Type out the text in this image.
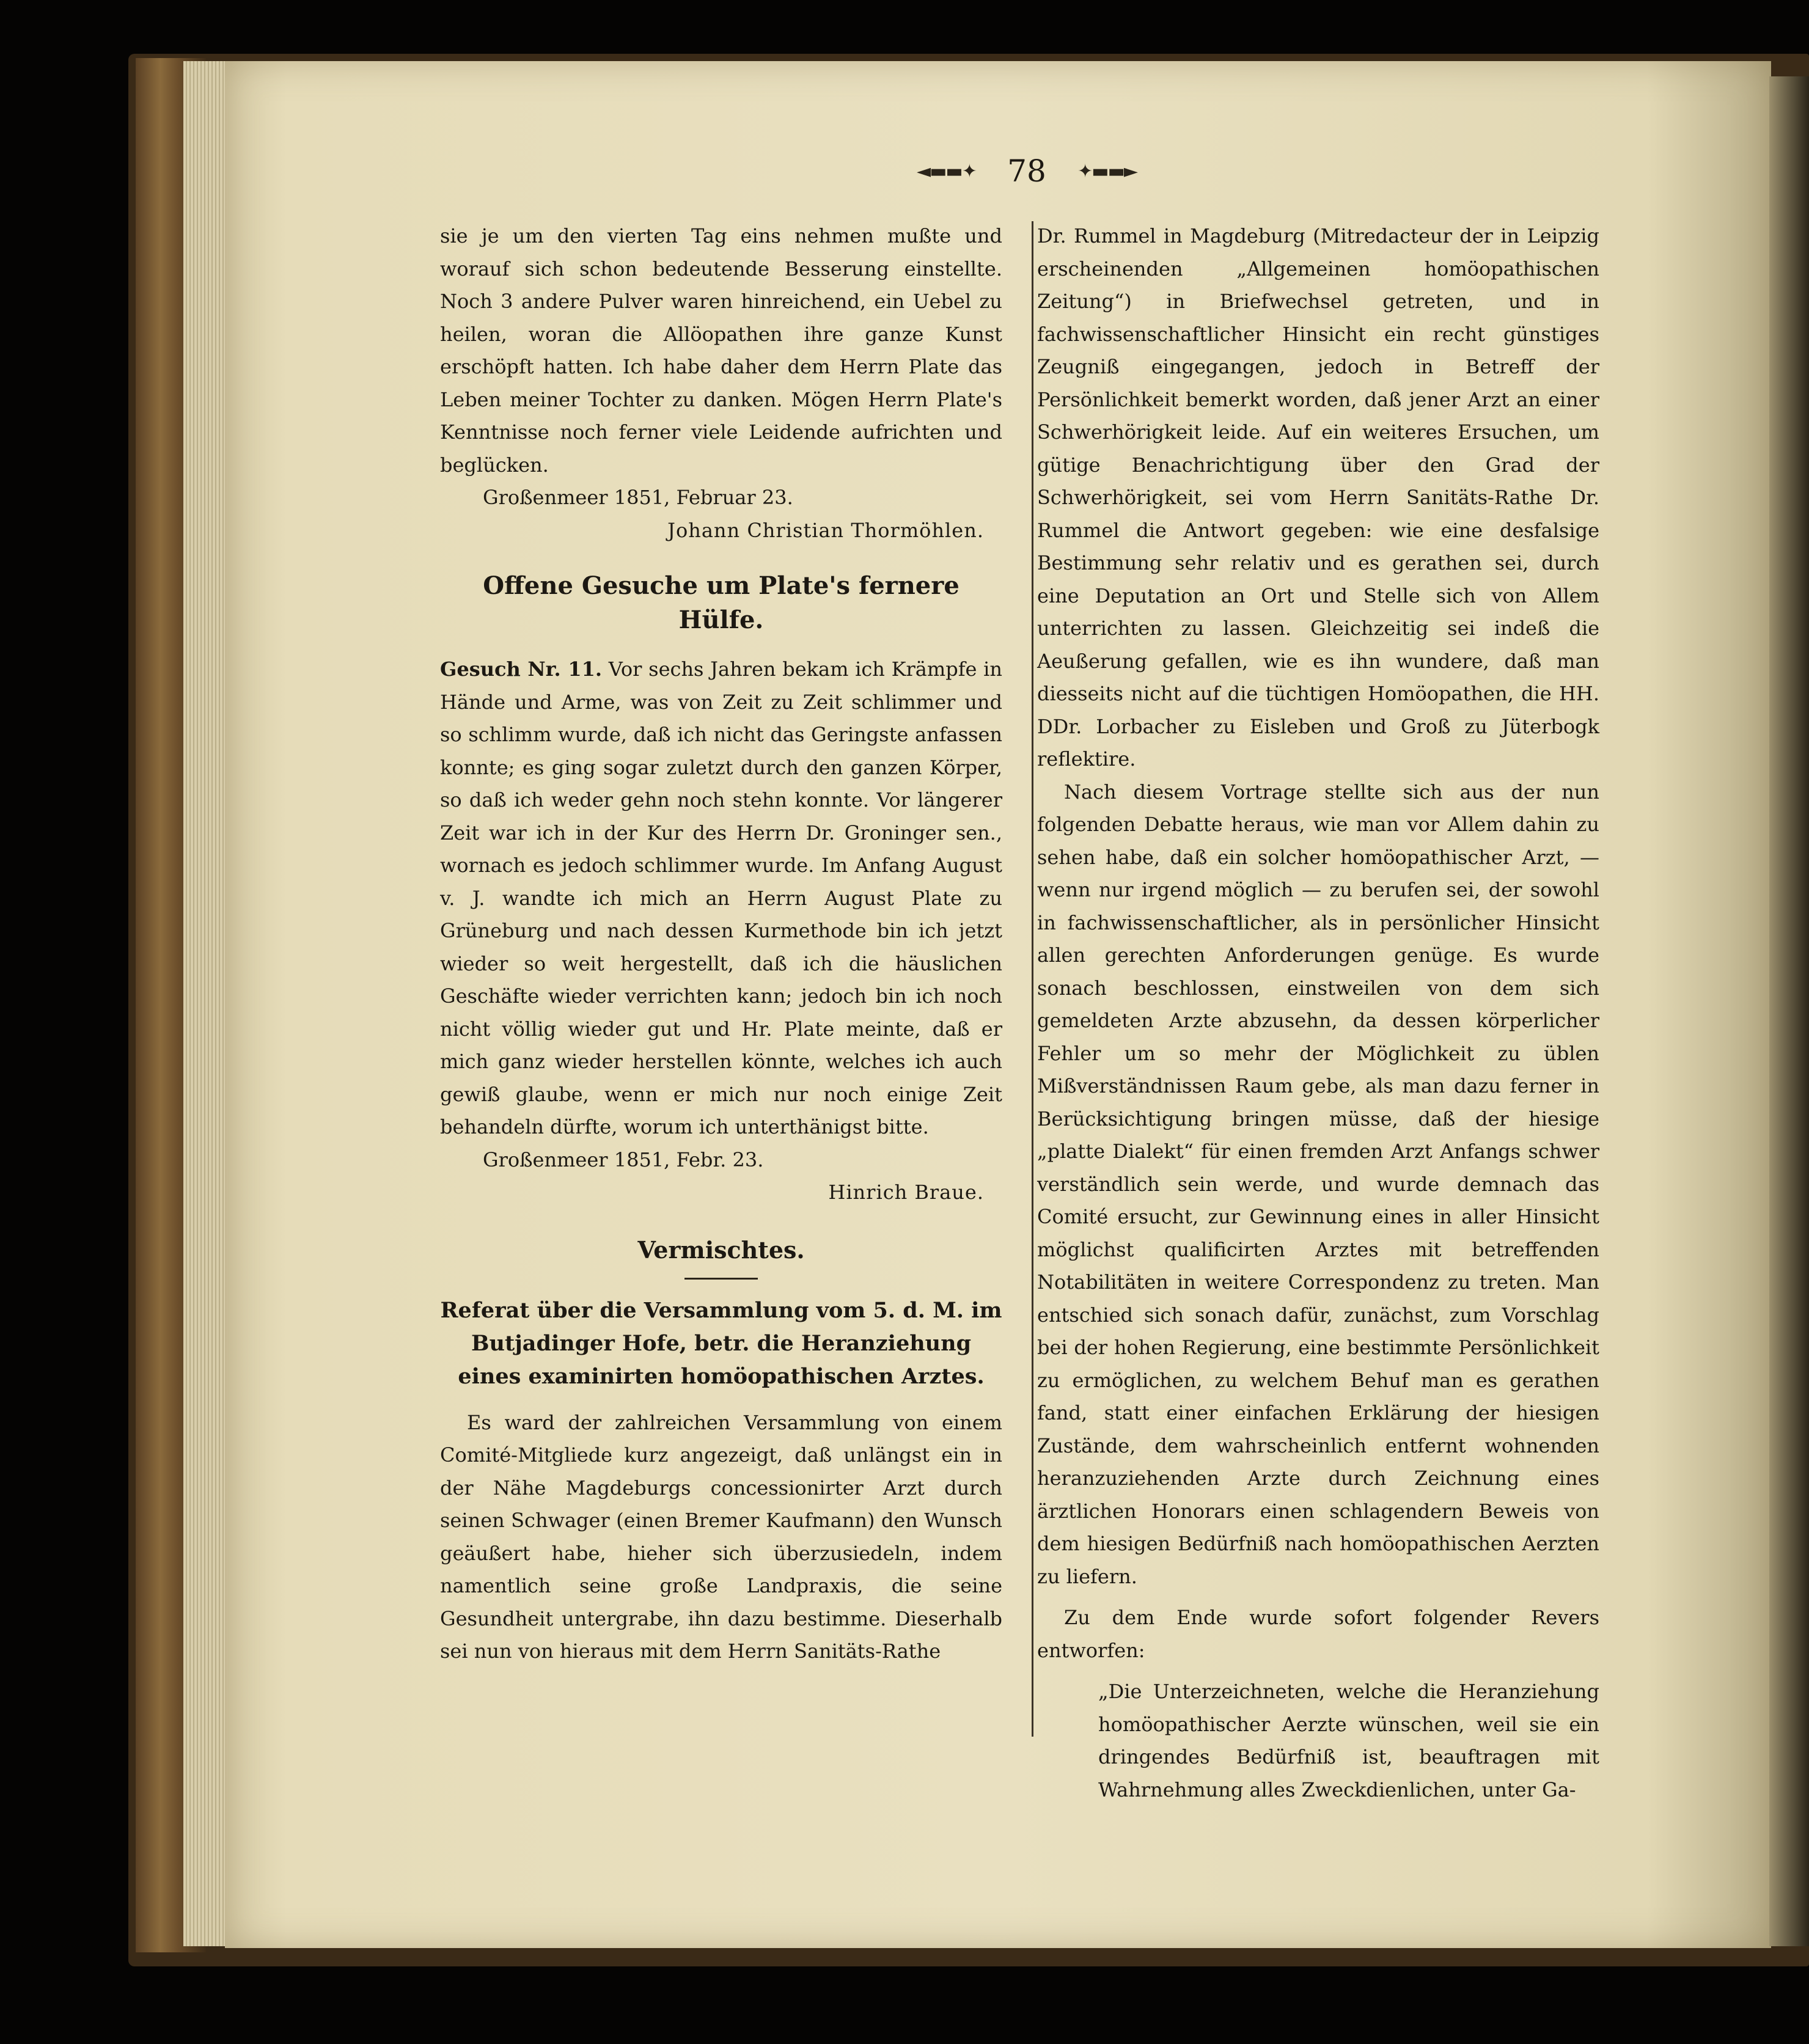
◄▬▬✦ 78 ✦▬▬►

sie je um den vierten Tag eins nehmen mußte und worauf sich schon bedeutende Besserung einstellte. Noch 3 andere Pulver waren hinreichend, ein Uebel zu heilen, woran die Allöopathen ihre ganze Kunst erschöpft hatten. Ich habe daher dem Herrn Plate das Leben meiner Tochter zu danken. Mögen Herrn Plate's Kenntnisse noch ferner viele Leidende aufrichten und beglücken.

Großenmeer 1851, Februar 23.

Johann Christian Thormöhlen.

Offene Gesuche um Plate's fernere Hülfe.

Gesuch Nr. 11. Vor sechs Jahren bekam ich Krämpfe in Hände und Arme, was von Zeit zu Zeit schlimmer und so schlimm wurde, daß ich nicht das Geringste anfassen konnte; es ging sogar zuletzt durch den ganzen Körper, so daß ich weder gehn noch stehn konnte. Vor längerer Zeit war ich in der Kur des Herrn Dr. Groninger sen., wornach es jedoch schlimmer wurde. Im Anfang August v. J. wandte ich mich an Herrn August Plate zu Grüneburg und nach dessen Kurmethode bin ich jetzt wieder so weit hergestellt, daß ich die häuslichen Geschäfte wieder verrichten kann; jedoch bin ich noch nicht völlig wieder gut und Hr. Plate meinte, daß er mich ganz wieder herstellen könnte, welches ich auch gewiß glaube, wenn er mich nur noch einige Zeit behandeln dürfte, worum ich unterthänigst bitte.

Großenmeer 1851, Febr. 23.

Hinrich Braue.

Vermischtes.

Referat über die Versammlung vom 5. d. M. im Butjadinger Hofe, betr. die Heranziehung eines examinirten homöopathischen Arztes.

Es ward der zahlreichen Versammlung von einem Comité-Mitgliede kurz angezeigt, daß unlängst ein in der Nähe Magdeburgs concessionirter Arzt durch seinen Schwager (einen Bremer Kaufmann) den Wunsch geäußert habe, hieher sich überzusiedeln, indem namentlich seine große Landpraxis, die seine Gesundheit untergrabe, ihn dazu bestimme. Dieserhalb sei nun von hieraus mit dem Herrn Sanitäts-Rathe

Dr. Rummel in Magdeburg (Mitredacteur der in Leipzig erscheinenden „Allgemeinen homöopathischen Zeitung“) in Briefwechsel getreten, und in fachwissenschaftlicher Hinsicht ein recht günstiges Zeugniß eingegangen, jedoch in Betreff der Persönlichkeit bemerkt worden, daß jener Arzt an einer Schwerhörigkeit leide. Auf ein weiteres Ersuchen, um gütige Benachrichtigung über den Grad der Schwerhörigkeit, sei vom Herrn Sanitäts-Rathe Dr. Rummel die Antwort gegeben: wie eine desfalsige Bestimmung sehr relativ und es gerathen sei, durch eine Deputation an Ort und Stelle sich von Allem unterrichten zu lassen. Gleichzeitig sei indeß die Aeußerung gefallen, wie es ihn wundere, daß man diesseits nicht auf die tüchtigen Homöopathen, die HH. DDr. Lorbacher zu Eisleben und Groß zu Jüterbogk reflektire.

Nach diesem Vortrage stellte sich aus der nun folgenden Debatte heraus, wie man vor Allem dahin zu sehen habe, daß ein solcher homöopathischer Arzt, — wenn nur irgend möglich — zu berufen sei, der sowohl in fachwissenschaftlicher, als in persönlicher Hinsicht allen gerechten Anforderungen genüge. Es wurde sonach beschlossen, einstweilen von dem sich gemeldeten Arzte abzusehn, da dessen körperlicher Fehler um so mehr der Möglichkeit zu üblen Mißverständnissen Raum gebe, als man dazu ferner in Berücksichtigung bringen müsse, daß der hiesige „platte Dialekt“ für einen fremden Arzt Anfangs schwer verständlich sein werde, und wurde demnach das Comité ersucht, zur Gewinnung eines in aller Hinsicht möglichst qualificirten Arztes mit betreffenden Notabilitäten in weitere Correspondenz zu treten. Man entschied sich sonach dafür, zunächst, zum Vorschlag bei der hohen Regierung, eine bestimmte Persönlichkeit zu ermöglichen, zu welchem Behuf man es gerathen fand, statt einer einfachen Erklärung der hiesigen Zustände, dem wahrscheinlich entfernt wohnenden heranzuziehenden Arzte durch Zeichnung eines ärztlichen Honorars einen schlagendern Beweis von dem hiesigen Bedürfniß nach homöopathischen Aerzten zu liefern.

Zu dem Ende wurde sofort folgender Revers entworfen:

„Die Unterzeichneten, welche die Heranziehung homöopathischer Aerzte wünschen, weil sie ein dringendes Bedürfniß ist, beauftragen mit Wahrnehmung alles Zweckdienlichen, unter Ga-
